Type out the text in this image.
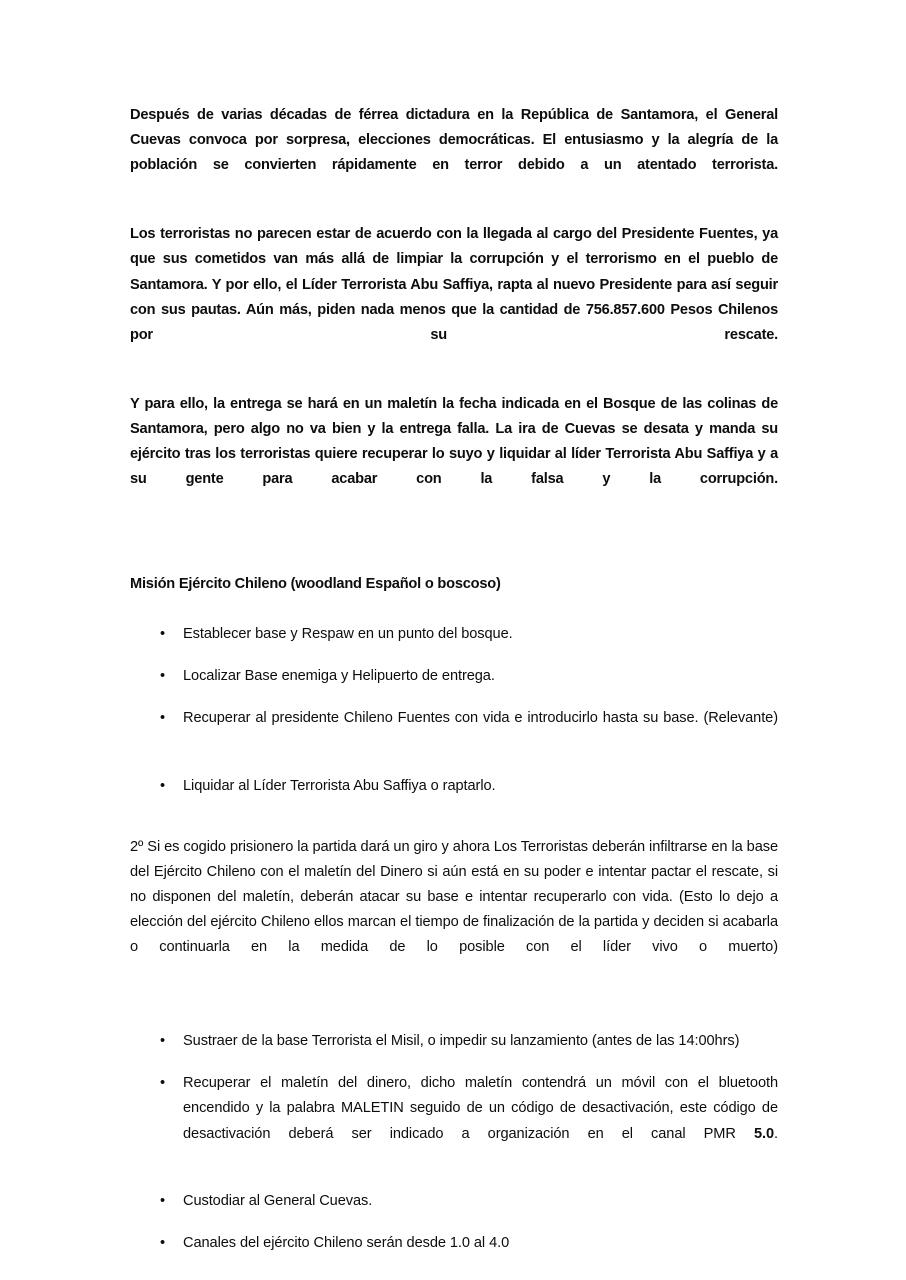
Después de varias décadas de férrea dictadura en la República de Santamora, el General Cuevas convoca por sorpresa, elecciones democráticas. El entusiasmo y la alegría de la población se convierten rápidamente en terror debido a un atentado terrorista.

Los terroristas no parecen estar de acuerdo con la llegada al cargo del Presidente Fuentes, ya que sus cometidos van más allá de limpiar la corrupción y el terrorismo en el pueblo de Santamora. Y por ello, el Líder Terrorista Abu Saffiya, rapta al nuevo Presidente para así seguir con sus pautas. Aún más, piden nada menos que la cantidad de 756.857.600 Pesos Chilenos por su rescate.

Y para ello, la entrega se hará en un maletín la fecha indicada en el Bosque de las colinas de Santamora, pero algo no va bien y la entrega falla. La ira de Cuevas se desata y manda su ejército tras los terroristas quiere recuperar lo suyo y liquidar al líder Terrorista Abu Saffiya y a su gente para acabar con la falsa y la corrupción.

Misión Ejército Chileno (woodland Español o boscoso)

• Establecer base y Respaw en un punto del bosque.
• Localizar Base enemiga y Helipuerto de entrega.
• Recuperar al presidente Chileno Fuentes con vida e introducirlo hasta su base. (Relevante)
• Liquidar al Líder Terrorista Abu Saffiya o raptarlo.

2º Si es cogido prisionero la partida dará un giro y ahora Los Terroristas deberán infiltrarse en la base del Ejército Chileno con el maletín del Dinero si aún está en su poder e intentar pactar el rescate, si no disponen del maletín, deberán atacar su base e intentar recuperarlo con vida. (Esto lo dejo a elección del ejército Chileno ellos marcan el tiempo de finalización de la partida y deciden si acabarla o continuarla en la medida de lo posible con el líder vivo o muerto)

• Sustraer de la base Terrorista el Misil, o impedir su lanzamiento (antes de las 14:00hrs)
• Recuperar el maletín del dinero, dicho maletín contendrá un móvil con el bluetooth encendido y la palabra MALETIN seguido de un código de desactivación, este código de desactivación deberá ser indicado a organización en el canal PMR 5.0.
• Custodiar al General Cuevas.
• Canales del ejército Chileno serán desde 1.0 al 4.0
